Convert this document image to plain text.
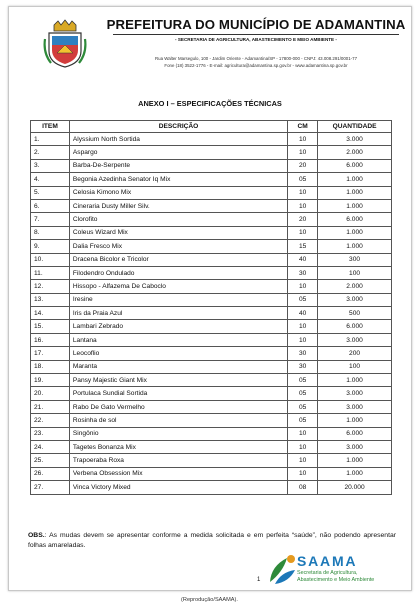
PREFEITURA DO MUNICÍPIO DE ADAMANTINA
- SECRETARIA DE AGRICULTURA, ABASTECIMENTO E MEIO AMBIENTE -
Rua Walter Marsegulo, 100 - Jardim Oriente - Adamantina/SP - 17800-000 - CNPJ: 43.008.291/0001-77
Fone (18) 3522-1776 - E-mail: agricultura@adamantina.sp.gov.br - www.adamantina.sp.gov.br
ANEXO I – ESPECIFICAÇÕES TÉCNICAS
ITEM	DESCRIÇÃO	CM	QUANTIDADE
1.	Alyssium North Sortida	10	3.000
2.	Aspargo	10	2.000
3.	Barba-De-Serpente	20	6.000
4.	Begonia Azedinha Senator Iq Mix	05	1.000
5.	Celosia Kimono Mix	10	1.000
6.	Cineraria Dusty Miller Silv.	10	1.000
7.	Clorofito	20	6.000
8.	Coleus Wizard Mix	10	1.000
9.	Dalia Fresco Mix	15	1.000
10.	Dracena Bicolor e Tricolor	40	300
11.	Filodendro Ondulado	30	100
12.	Hissopo - Alfazema De Caboclo	10	2.000
13.	Iresine	05	3.000
14.	Iris da Praia Azul	40	500
15.	Lambari Zebrado	10	6.000
16.	Lantana	10	3.000
17.	Leocoflio	30	200
18.	Maranta	30	100
19.	Pansy Majestic Giant Mix	05	1.000
20.	Portulaca Sundial Sortida	05	3.000
21.	Rabo De Gato Vermelho	05	3.000
22.	Rosinha de sol	05	1.000
23.	Singônio	10	6.000
24.	Tagetes Bonanza Mix	10	3.000
25.	Trapoeraba Roxa	10	1.000
26.	Verbena Obsession Mix	10	1.000
27.	Vinca Victory Mixed	08	20.000
OBS.: As mudas devem se apresentar conforme a medida solicitada e em perfeita “saúde”, não podendo apresentar folhas amareladas.
1
SAAMA
Secretaria de Agricultura,
Abastecimento e Meio Ambiente
(Reprodução/SAAMA).
